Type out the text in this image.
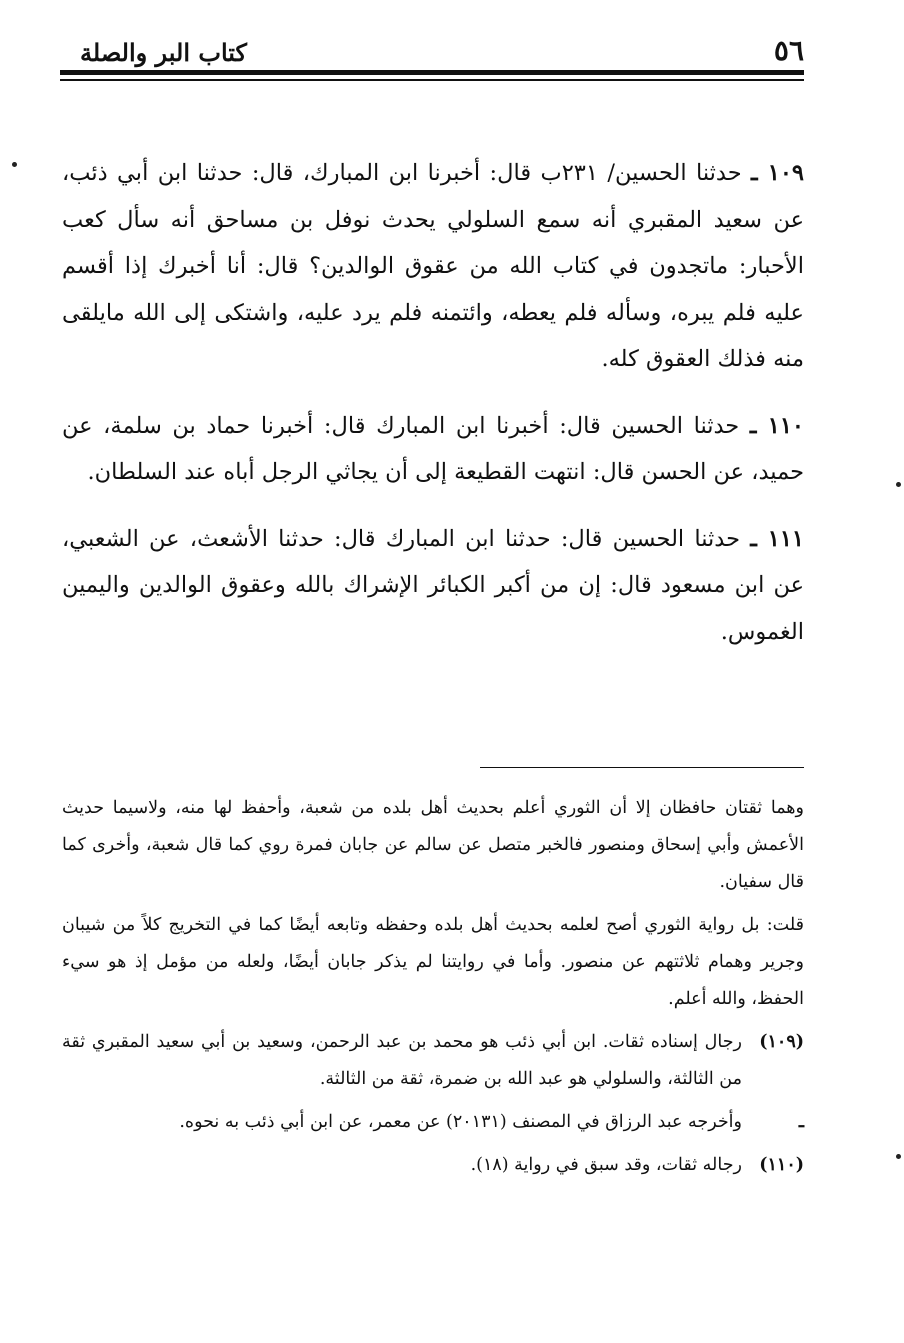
كتاب البر والصلة	٥٦

١٠٩ ـ حدثنا الحسين/ ٢٣١ب قال: أخبرنا ابن المبارك، قال: حدثنا ابن أبي ذئب، عن سعيد المقبري أنه سمع السلولي يحدث نوفل بن مساحق أنه سأل كعب الأحبار: ماتجدون في كتاب الله من عقوق الوالدين؟ قال: أنا أخبرك إذا أقسم عليه فلم يبره، وسأله فلم يعطه، وائتمنه فلم يرد عليه، واشتكى إلى الله مايلقى منه فذلك العقوق كله.

١١٠ ـ حدثنا الحسين قال: أخبرنا ابن المبارك قال: أخبرنا حماد بن سلمة، عن حميد، عن الحسن قال: انتهت القطيعة إلى أن يجاثي الرجل أباه عند السلطان.

١١١ ـ حدثنا الحسين قال: حدثنا ابن المبارك قال: حدثنا الأشعث، عن الشعبي، عن ابن مسعود قال: إن من أكبر الكبائر الإشراك بالله وعقوق الوالدين واليمين الغموس.

وهما ثقتان حافظان إلا أن الثوري أعلم بحديث أهل بلده من شعبة، وأحفظ لها منه، ولاسيما حديث الأعمش وأبي إسحاق ومنصور فالخبر متصل عن سالم عن جابان فمرة روي كما قال شعبة، وأخرى كما قال سفيان.

قلت: بل رواية الثوري أصح لعلمه بحديث أهل بلده وحفظه وتابعه أيضًا كما في التخريج كلاً من شيبان وجرير وهمام ثلاثتهم عن منصور. وأما في روايتنا لم يذكر جابان أيضًا، ولعله من مؤمل إذ هو سيء الحفظ، والله أعلم.

(١٠٩)
رجال إسناده ثقات. ابن أبي ذئب هو محمد بن عبد الرحمن، وسعيد بن أبي سعيد المقبري ثقة من الثالثة، والسلولي هو عبد الله بن ضمرة، ثقة من الثالثة.
ـ
وأخرجه عبد الرزاق في المصنف (٢٠١٣١) عن معمر، عن ابن أبي ذئب به نحوه.
(١١٠)
رجاله ثقات، وقد سبق في رواية (١٨).
